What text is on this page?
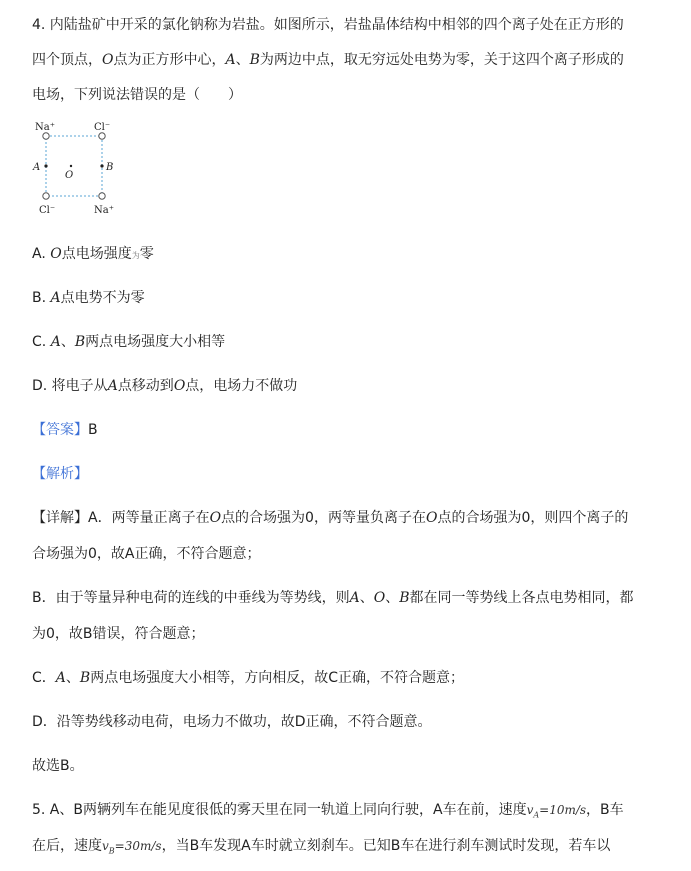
4. 内陆盐矿中开采的氯化钠称为岩盐。如图所示，岩盐晶体结构中相邻的四个离子处在正方形的
四个顶点，O点为正方形中心，A、B为两边中点，取无穷远处电势为零，关于这四个离子形成的
电场，下列说法错误的是（　　）
Na⁺	Cl⁻
Cl⁻	Na⁺
A	B
O
A. O点电场强度为零
B. A点电势不为零
C. A、B两点电场强度大小相等
D. 将电子从A点移动到O点，电场力不做功
【答案】B
【解析】
【详解】A．两等量正离子在O点的合场强为0，两等量负离子在O点的合场强为0，则四个离子的
合场强为0，故A正确，不符合题意；
B．由于等量异种电荷的连线的中垂线为等势线，则A、O、B都在同一等势线上各点电势相同，都
为0，故B错误，符合题意；
C．A、B两点电场强度大小相等，方向相反，故C正确，不符合题意；
D．沿等势线移动电荷，电场力不做功，故D正确，不符合题意。
故选B。
5. A、B两辆列车在能见度很低的雾天里在同一轨道上同向行驶，A车在前，速度$v_A=10m/s$，B车
在后，速度$v_B=30m/s$，当B车发现A车时就立刻刹车。已知B车在进行刹车测试时发现，若车以
